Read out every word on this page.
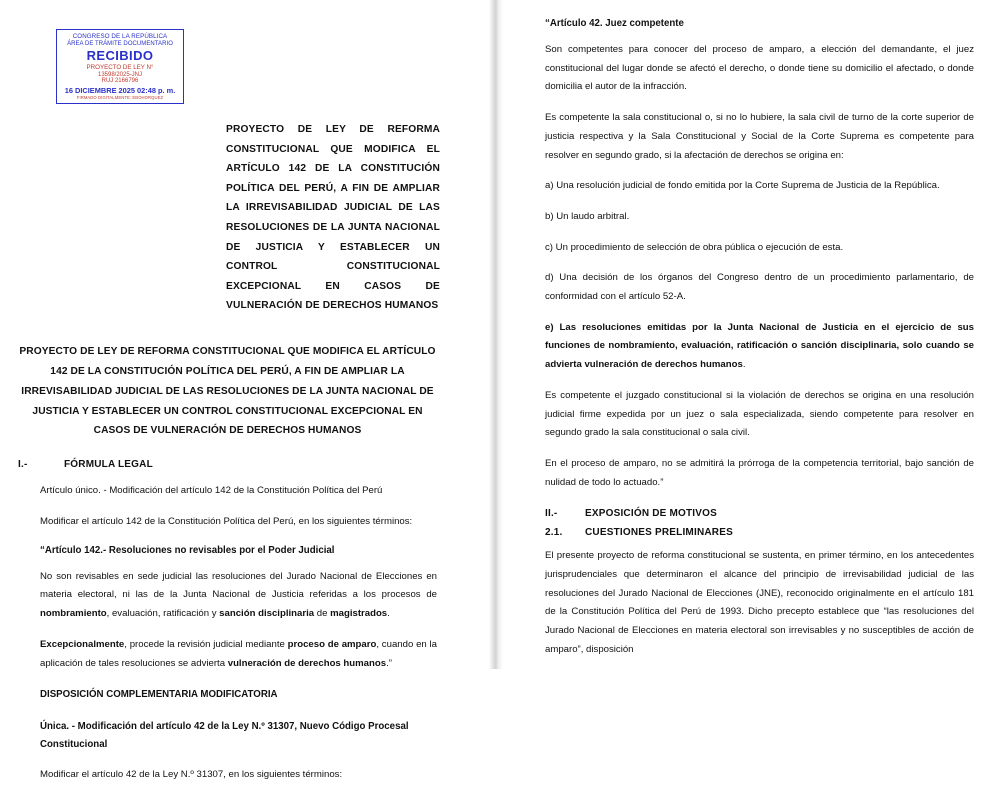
CONGRESO DE LA REPÚBLICA
ÁREA DE TRÁMITE DOCUMENTARIO
RECIBIDO
PROYECTO DE LEY N°
13598/2025-JNJ
RUJ 2166796
16 DICIEMBRE 2025 02:48 p. m.
FIRMADO DIGITALMENTE: EBOHORQUEZ
PROYECTO DE LEY DE REFORMA CONSTITUCIONAL QUE MODIFICA EL ARTÍCULO 142 DE LA CONSTITUCIÓN POLÍTICA DEL PERÚ, A FIN DE AMPLIAR LA IRREVISABILIDAD JUDICIAL DE LAS RESOLUCIONES DE LA JUNTA NACIONAL DE JUSTICIA Y ESTABLECER UN CONTROL CONSTITUCIONAL EXCEPCIONAL EN CASOS DE VULNERACIÓN DE DERECHOS HUMANOS
PROYECTO DE LEY DE REFORMA CONSTITUCIONAL QUE MODIFICA EL ARTÍCULO 142 DE LA CONSTITUCIÓN POLÍTICA DEL PERÚ, A FIN DE AMPLIAR LA IRREVISABILIDAD JUDICIAL DE LAS RESOLUCIONES DE LA JUNTA NACIONAL DE JUSTICIA Y ESTABLECER UN CONTROL CONSTITUCIONAL EXCEPCIONAL EN CASOS DE VULNERACIÓN DE DERECHOS HUMANOS
I.-	FÓRMULA LEGAL
Artículo único. - Modificación del artículo 142 de la Constitución Política del Perú
Modificar el artículo 142 de la Constitución Política del Perú, en los siguientes términos:
“Artículo 142.- Resoluciones no revisables por el Poder Judicial
No son revisables en sede judicial las resoluciones del Jurado Nacional de Elecciones en materia electoral, ni las de la Junta Nacional de Justicia referidas a los procesos de nombramiento, evaluación, ratificación y sanción disciplinaria de magistrados.
Excepcionalmente, procede la revisión judicial mediante proceso de amparo, cuando en la aplicación de tales resoluciones se advierta vulneración de derechos humanos.”
DISPOSICIÓN COMPLEMENTARIA MODIFICATORIA
Única. - Modificación del artículo 42 de la Ley N.º 31307, Nuevo Código Procesal Constitucional
Modificar el artículo 42 de la Ley N.º 31307, en los siguientes términos:
“Artículo 42. Juez competente
Son competentes para conocer del proceso de amparo, a elección del demandante, el juez constitucional del lugar donde se afectó el derecho, o donde tiene su domicilio el afectado, o donde domicilia el autor de la infracción.
Es competente la sala constitucional o, si no lo hubiere, la sala civil de turno de la corte superior de justicia respectiva y la Sala Constitucional y Social de la Corte Suprema es competente para resolver en segundo grado, si la afectación de derechos se origina en:
a) Una resolución judicial de fondo emitida por la Corte Suprema de Justicia de la República.
b) Un laudo arbitral.
c) Un procedimiento de selección de obra pública o ejecución de esta.
d) Una decisión de los órganos del Congreso dentro de un procedimiento parlamentario, de conformidad con el artículo 52-A.
e) Las resoluciones emitidas por la Junta Nacional de Justicia en el ejercicio de sus funciones de nombramiento, evaluación, ratificación o sanción disciplinaria, solo cuando se advierta vulneración de derechos humanos.
Es competente el juzgado constitucional si la violación de derechos se origina en una resolución judicial firme expedida por un juez o sala especializada, siendo competente para resolver en segundo grado la sala constitucional o sala civil.
En el proceso de amparo, no se admitirá la prórroga de la competencia territorial, bajo sanción de nulidad de todo lo actuado.”
II.-	EXPOSICIÓN DE MOTIVOS
2.1.	CUESTIONES PRELIMINARES
El presente proyecto de reforma constitucional se sustenta, en primer término, en los antecedentes jurisprudenciales que determinaron el alcance del principio de irrevisabilidad judicial de las resoluciones del Jurado Nacional de Elecciones (JNE), reconocido originalmente en el artículo 181 de la Constitución Política del Perú de 1993. Dicho precepto establece que “las resoluciones del Jurado Nacional de Elecciones en materia electoral son irrevisables y no susceptibles de acción de amparo”, disposición
